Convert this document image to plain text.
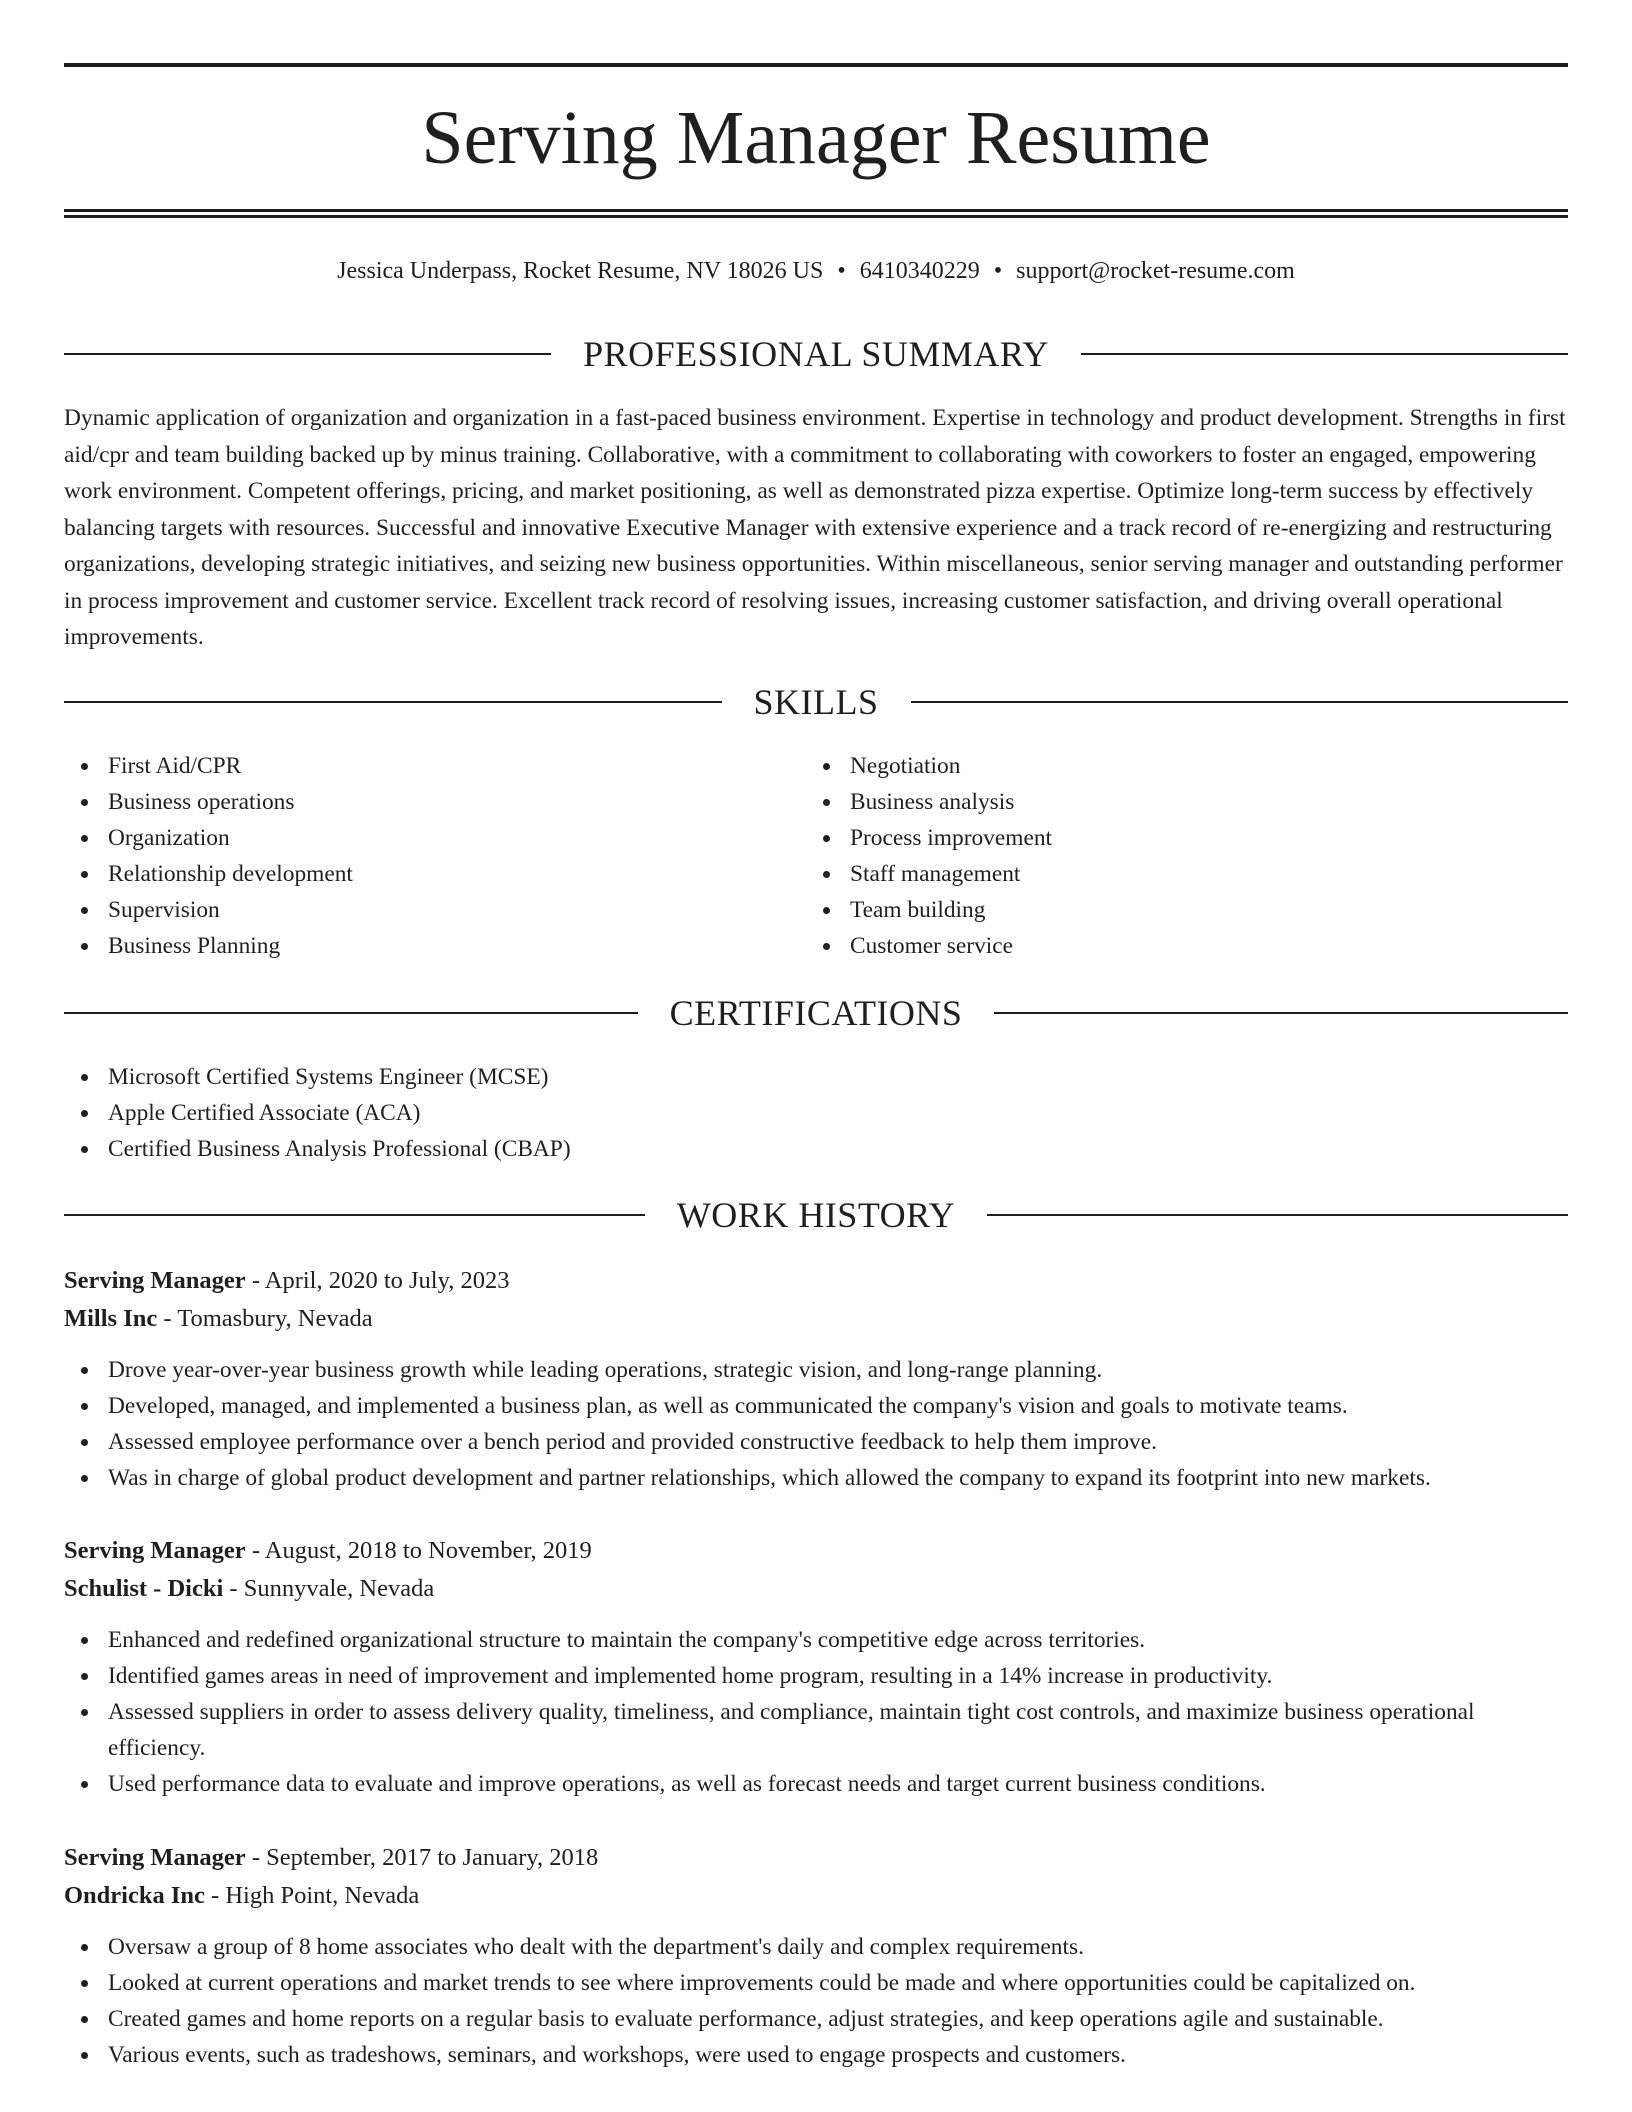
Serving Manager Resume
Jessica Underpass, Rocket Resume, NV 18026 US • 6410340229 • support@rocket-resume.com
PROFESSIONAL SUMMARY

Dynamic application of organization and organization in a fast-paced business environment. Expertise in technology and product development. Strengths in first aid/cpr and team building backed up by minus training. Collaborative, with a commitment to collaborating with coworkers to foster an engaged, empowering work environment. Competent offerings, pricing, and market positioning, as well as demonstrated pizza expertise. Optimize long-term success by effectively balancing targets with resources. Successful and innovative Executive Manager with extensive experience and a track record of re-energizing and restructuring organizations, developing strategic initiatives, and seizing new business opportunities. Within miscellaneous, senior serving manager and outstanding performer in process improvement and customer service. Excellent track record of resolving issues, increasing customer satisfaction, and driving overall operational improvements.

SKILLS
First Aid/CPR
Business operations
Organization
Relationship development
Supervision
Business Planning
Negotiation
Business analysis
Process improvement
Staff management
Team building
Customer service
CERTIFICATIONS
Microsoft Certified Systems Engineer (MCSE)
Apple Certified Associate (ACA)
Certified Business Analysis Professional (CBAP)
WORK HISTORY
Serving Manager - April, 2020 to July, 2023
Mills Inc - Tomasbury, Nevada
Drove year-over-year business growth while leading operations, strategic vision, and long-range planning.
Developed, managed, and implemented a business plan, as well as communicated the company's vision and goals to motivate teams.
Assessed employee performance over a bench period and provided constructive feedback to help them improve.
Was in charge of global product development and partner relationships, which allowed the company to expand its footprint into new markets.
Serving Manager - August, 2018 to November, 2019
Schulist - Dicki - Sunnyvale, Nevada
Enhanced and redefined organizational structure to maintain the company's competitive edge across territories.
Identified games areas in need of improvement and implemented home program, resulting in a 14% increase in productivity.
Assessed suppliers in order to assess delivery quality, timeliness, and compliance, maintain tight cost controls, and maximize business operational efficiency.
Used performance data to evaluate and improve operations, as well as forecast needs and target current business conditions.
Serving Manager - September, 2017 to January, 2018
Ondricka Inc - High Point, Nevada
Oversaw a group of 8 home associates who dealt with the department's daily and complex requirements.
Looked at current operations and market trends to see where improvements could be made and where opportunities could be capitalized on.
Created games and home reports on a regular basis to evaluate performance, adjust strategies, and keep operations agile and sustainable.
Various events, such as tradeshows, seminars, and workshops, were used to engage prospects and customers.
